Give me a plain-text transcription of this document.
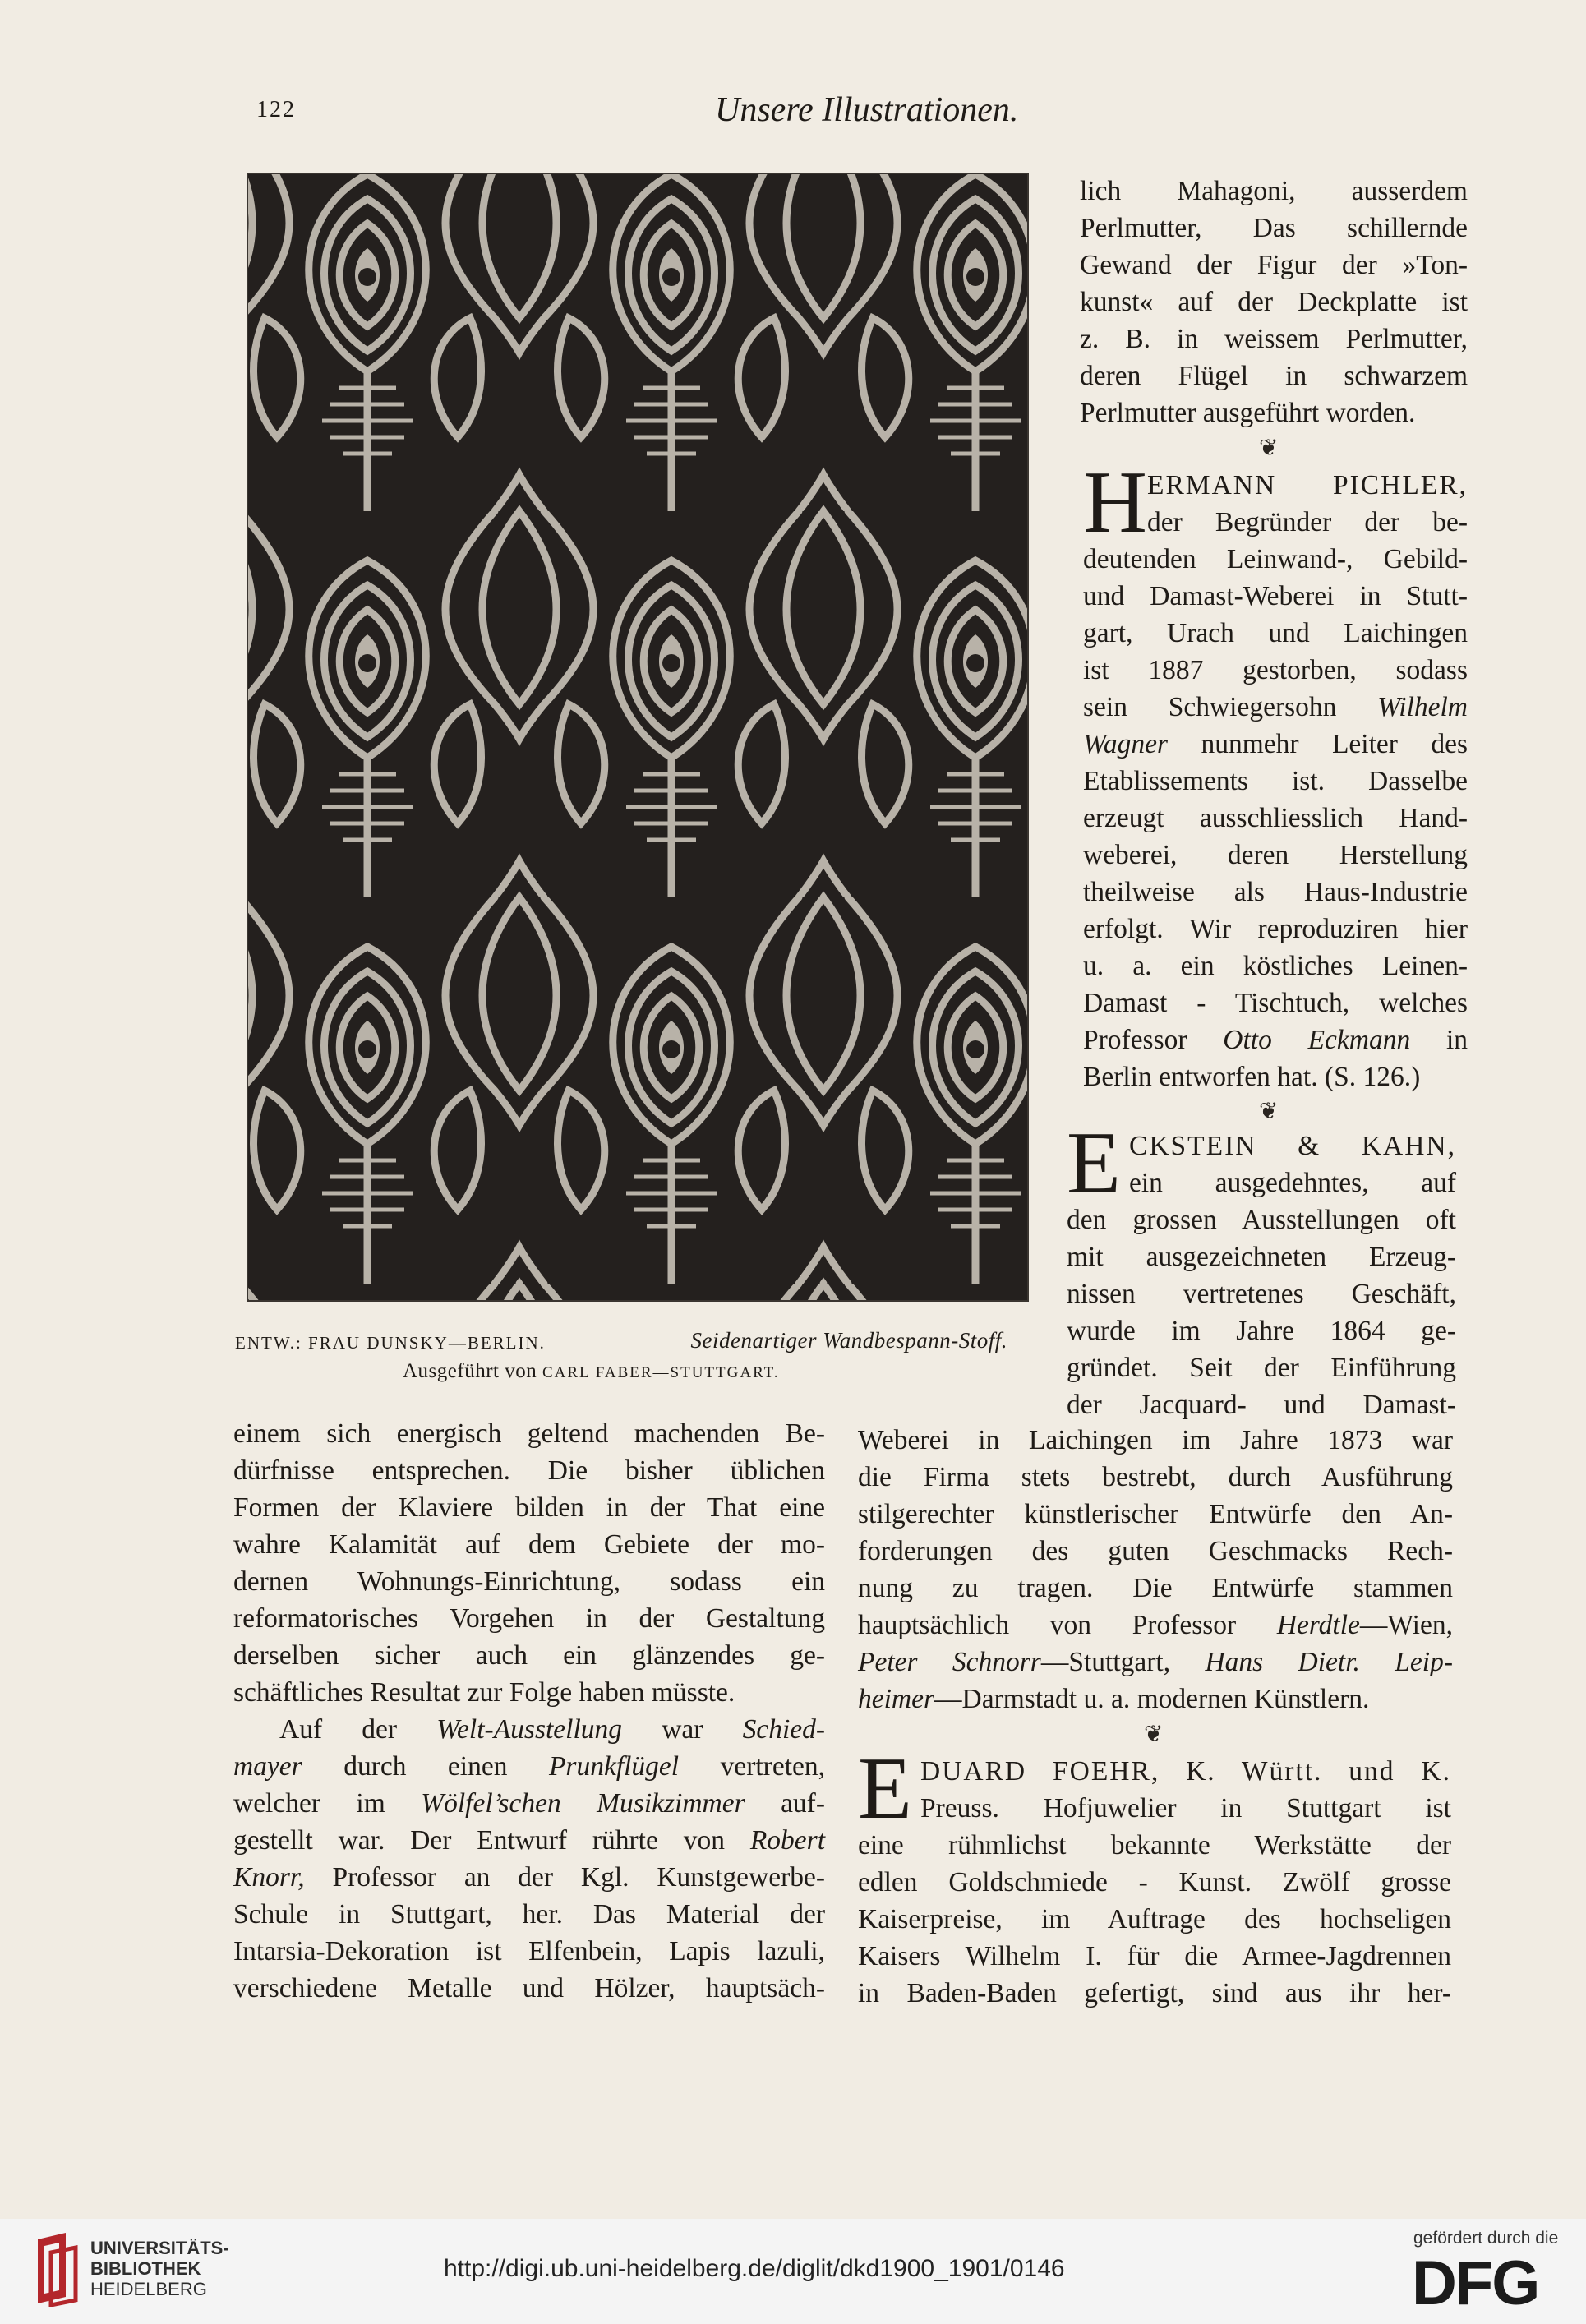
122	Unsere Illustrationen.
ENTW.: FRAU DUNSKY—BERLIN.	Seidenartiger Wandbespann-Stoff.
Ausgeführt von CARL FABER—STUTTGART.

lich Mahagoni, ausserdem

Perlmutter, Das schillernde

Gewand der Figur der »Ton-

kunst« auf der Deckplatte ist

z. B. in weissem Perlmutter,

deren Flügel in schwarzem

Perlmutter ausgeführt worden.

❦
H ERMANN PICHLER,

der Begründer der be-

deutenden Leinwand-, Gebild-

und Damast-Weberei in Stutt-

gart, Urach und Laichingen

ist 1887 gestorben, sodass

sein Schwiegersohn Wilhelm

Wagner nunmehr Leiter des

Etablissements ist. Dasselbe

erzeugt ausschliesslich Hand-

weberei, deren Herstellung

theilweise als Haus-Industrie

erfolgt. Wir reproduziren hier

u. a. ein köstliches Leinen-

Damast - Tischtuch, welches

Professor Otto Eckmann in

Berlin entworfen hat. (S. 126.)

❦
E CKSTEIN & KAHN,

ein ausgedehntes, auf

den grossen Ausstellungen oft

mit ausgezeichneten Erzeug-

nissen vertretenes Geschäft,

wurde im Jahre 1864 ge-

gründet. Seit der Einführung

der Jacquard- und Damast-

einem sich energisch geltend machenden Be-

dürfnisse entsprechen. Die bisher üblichen

Formen der Klaviere bilden in der That eine

wahre Kalamität auf dem Gebiete der mo-

dernen Wohnungs-Einrichtung, sodass ein

reformatorisches Vorgehen in der Gestaltung

derselben sicher auch ein glänzendes ge-

schäftliches Resultat zur Folge haben müsste.

Auf der Welt-Ausstellung war Schied-

mayer durch einen Prunkflügel vertreten,

welcher im Wölfel’schen Musikzimmer auf-

gestellt war. Der Entwurf rührte von Robert

Knorr, Professor an der Kgl. Kunstgewerbe-

Schule in Stuttgart, her. Das Material der

Intarsia-Dekoration ist Elfenbein, Lapis lazuli,

verschiedene Metalle und Hölzer, hauptsäch-

Weberei in Laichingen im Jahre 1873 war

die Firma stets bestrebt, durch Ausführung

stilgerechter künstlerischer Entwürfe den An-

forderungen des guten Geschmacks Rech-

nung zu tragen. Die Entwürfe stammen

hauptsächlich von Professor Herdtle—Wien,

Peter Schnorr—Stuttgart, Hans Dietr. Leip-

heimer—Darmstadt u. a. modernen Künstlern.

❦
E DUARD FOEHR, K. Württ. und K.

Preuss. Hofjuwelier in Stuttgart ist

eine rühmlichst bekannte Werkstätte der

edlen Goldschmiede - Kunst. Zwölf grosse

Kaiserpreise, im Auftrage des hochseligen

Kaisers Wilhelm I. für die Armee-Jagdrennen

in Baden-Baden gefertigt, sind aus ihr her-

UNIVERSITÄTS-
BIBLIOTHEK
HEIDELBERG
http://digi.ub.uni-heidelberg.de/diglit/dkd1900_1901/0146
gefördert durch die
DFG
